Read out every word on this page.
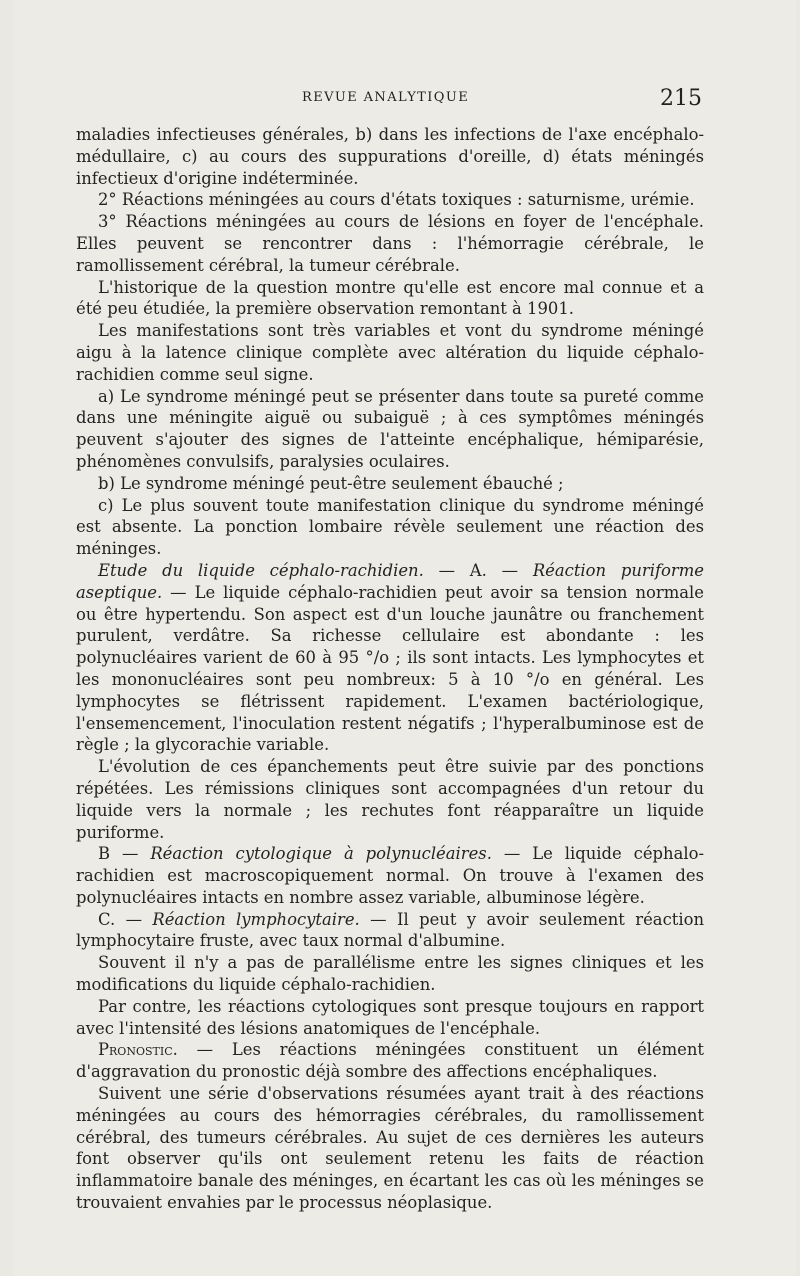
REVUE ANALYTIQUE	215

maladies infectieuses générales, b) dans les infections de l'axe encéphalo-médullaire, c) au cours des suppurations d'oreille, d) états méningés infectieux d'origine indéterminée.

2° Réactions méningées au cours d'états toxiques : saturnisme, urémie.

3° Réactions méningées au cours de lésions en foyer de l'encéphale. Elles peuvent se rencontrer dans : l'hémorragie cérébrale, le ramollissement cérébral, la tumeur cérébrale.

L'historique de la question montre qu'elle est encore mal connue et a été peu étudiée, la première observation remontant à 1901.

Les manifestations sont très variables et vont du syndrome méningé aigu à la latence clinique complète avec altération du liquide céphalo-rachidien comme seul signe.

a) Le syndrome méningé peut se présenter dans toute sa pureté comme dans une méningite aiguë ou subaiguë ; à ces symptômes méningés peuvent s'ajouter des signes de l'atteinte encéphalique, hémiparésie, phénomènes convulsifs, paralysies oculaires.

b) Le syndrome méningé peut-être seulement ébauché ;

c) Le plus souvent toute manifestation clinique du syndrome méningé est absente. La ponction lombaire révèle seulement une réaction des méninges.

Etude du liquide céphalo-rachidien. — A. — Réaction puriforme aseptique. — Le liquide céphalo-rachidien peut avoir sa tension normale ou être hypertendu. Son aspect est d'un louche jaunâtre ou franchement purulent, verdâtre. Sa richesse cellulaire est abondante : les polynucléaires varient de 60 à 95 °/o ; ils sont intacts. Les lymphocytes et les mononucléaires sont peu nombreux: 5 à 10 °/o en général. Les lymphocytes se flétrissent rapidement. L'examen bactériologique, l'ensemencement, l'inoculation restent négatifs ; l'hyperalbuminose est de règle ; la glycorachie variable.

L'évolution de ces épanchements peut être suivie par des ponctions répétées. Les rémissions cliniques sont accompagnées d'un retour du liquide vers la normale ; les rechutes font réapparaître un liquide puriforme.

B — Réaction cytologique à polynucléaires. — Le liquide céphalo-rachidien est macroscopiquement normal. On trouve à l'examen des polynucléaires intacts en nombre assez variable, albuminose légère.

C. — Réaction lymphocytaire. — Il peut y avoir seulement réaction lymphocytaire fruste, avec taux normal d'albumine.

Souvent il n'y a pas de parallélisme entre les signes cliniques et les modifications du liquide céphalo-rachidien.

Par contre, les réactions cytologiques sont presque toujours en rapport avec l'intensité des lésions anatomiques de l'encéphale.

Pronostic. — Les réactions méningées constituent un élément d'aggravation du pronostic déjà sombre des affections encéphaliques.

Suivent une série d'observations résumées ayant trait à des réactions méningées au cours des hémorragies cérébrales, du ramollissement cérébral, des tumeurs cérébrales. Au sujet de ces dernières les auteurs font observer qu'ils ont seulement retenu les faits de réaction inflammatoire banale des méninges, en écartant les cas où les méninges se trouvaient envahies par le processus néoplasique.
